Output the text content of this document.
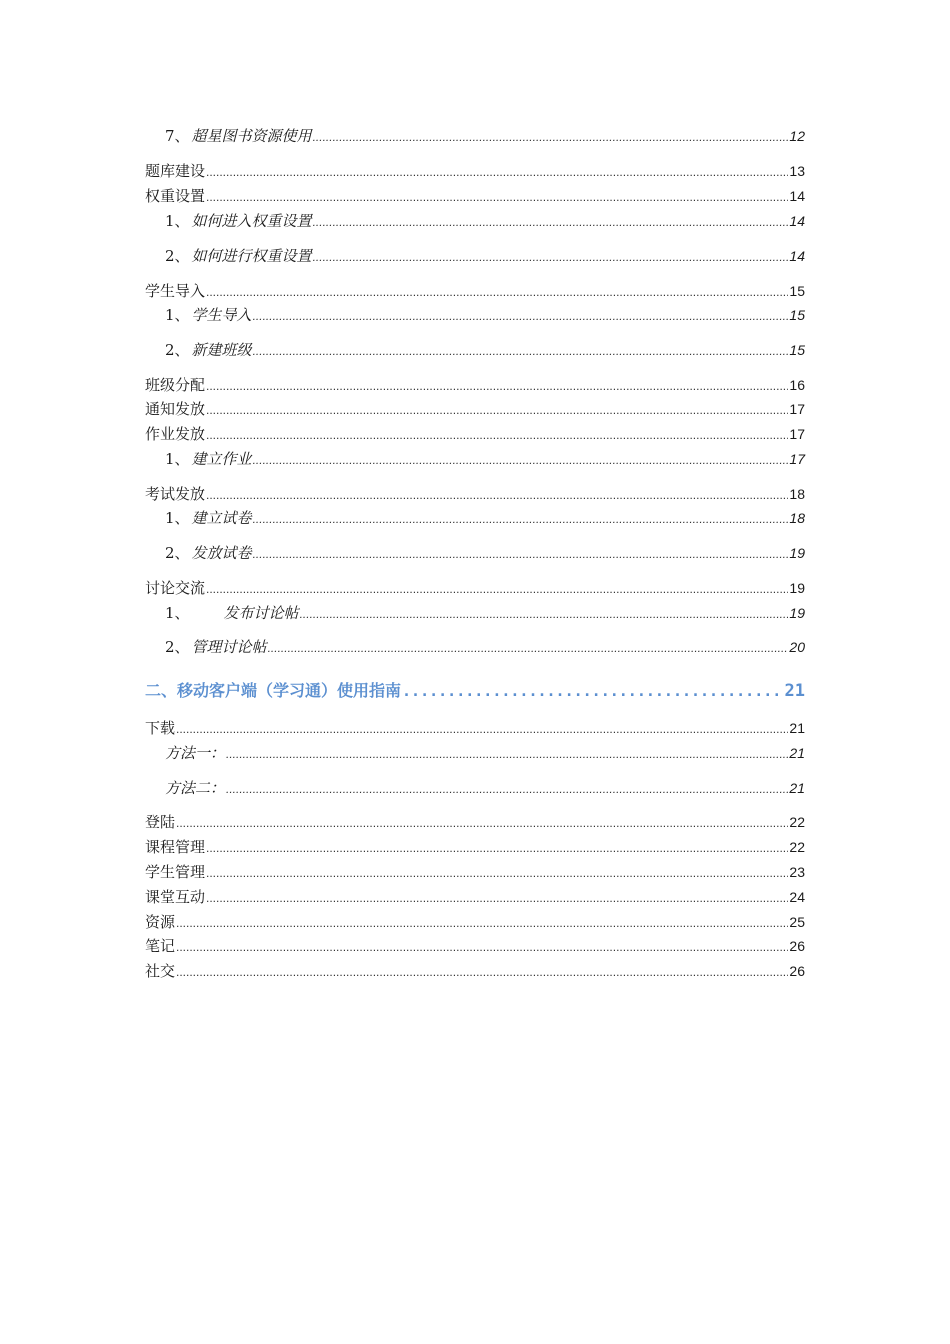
7、 超星图书资源使用 .....	12
题库建设 .....	13
权重设置 .....	14
1、 如何进入权重设置 .....	14
2、 如何进行权重设置 .....	14
学生导入 .....	15
1、 学生导入 .....	15
2、 新建班级 .....	15
班级分配 .....	16
通知发放 .....	17
作业发放 .....	17
1、 建立作业 .....	17
考试发放 .....	18
1、 建立试卷 .....	18
2、 发放试卷 .....	19
讨论交流 .....	19
1、 发布讨论帖 .....	19
2、 管理讨论帖 .....	20
二、移动客户端（学习通）使用指南 .....	21
下载 .....	21
方法一： .....	21
方法二： .....	21
登陆 .....	22
课程管理 .....	22
学生管理 .....	23
课堂互动 .....	24
资源 .....	25
笔记 .....	26
社交 .....	26
